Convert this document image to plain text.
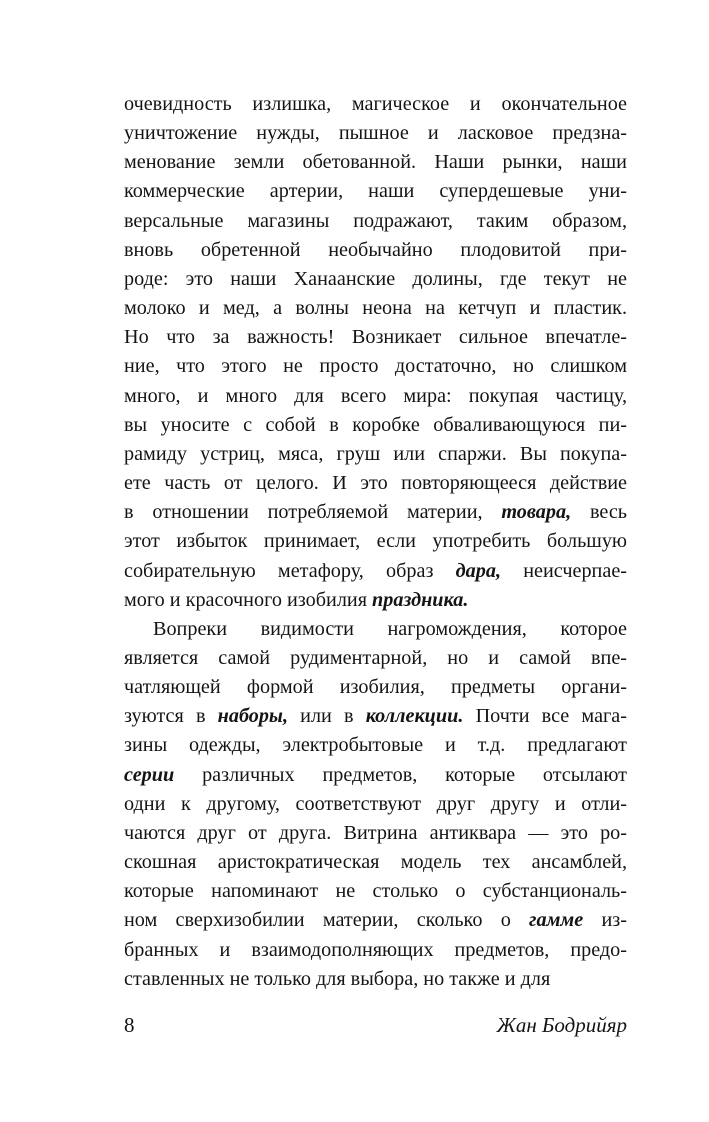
очевидность излишка, магическое и окончательное
уничтожение нужды, пышное и ласковое предзна-
менование земли обетованной. Наши рынки, наши
коммерческие артерии, наши супердешевые уни-
версальные магазины подражают, таким образом,
вновь обретенной необычайно плодовитой при-
роде: это наши Ханаанские долины, где текут не
молоко и мед, а волны неона на кетчуп и пластик.
Но что за важность! Возникает сильное впечатле-
ние, что этого не просто достаточно, но слишком
много, и много для всего мира: покупая частицу,
вы уносите с собой в коробке обваливающуюся пи-
рамиду устриц, мяса, груш или спаржи. Вы покупа-
ете часть от целого. И это повторяющееся действие
в отношении потребляемой материи, товара, весь
этот избыток принимает, если употребить большую
собирательную метафору, образ дара, неисчерпае-
мого и красочного изобилия праздника.

Вопреки видимости нагромождения, которое
является самой рудиментарной, но и самой впе-
чатляющей формой изобилия, предметы органи-
зуются в наборы, или в коллекции. Почти все мага-
зины одежды, электробытовые и т.д. предлагают
серии различных предметов, которые отсылают
одни к другому, соответствуют друг другу и отли-
чаются друг от друга. Витрина антиквара — это ро-
скошная аристократическая модель тех ансамблей,
которые напоминают не столько о субстанциональ-
ном сверхизобилии материи, сколько о гамме из-
бранных и взаимодополняющих предметов, предо-
ставленных не только для выбора, но также и для

8	Жан Бодрийяр
